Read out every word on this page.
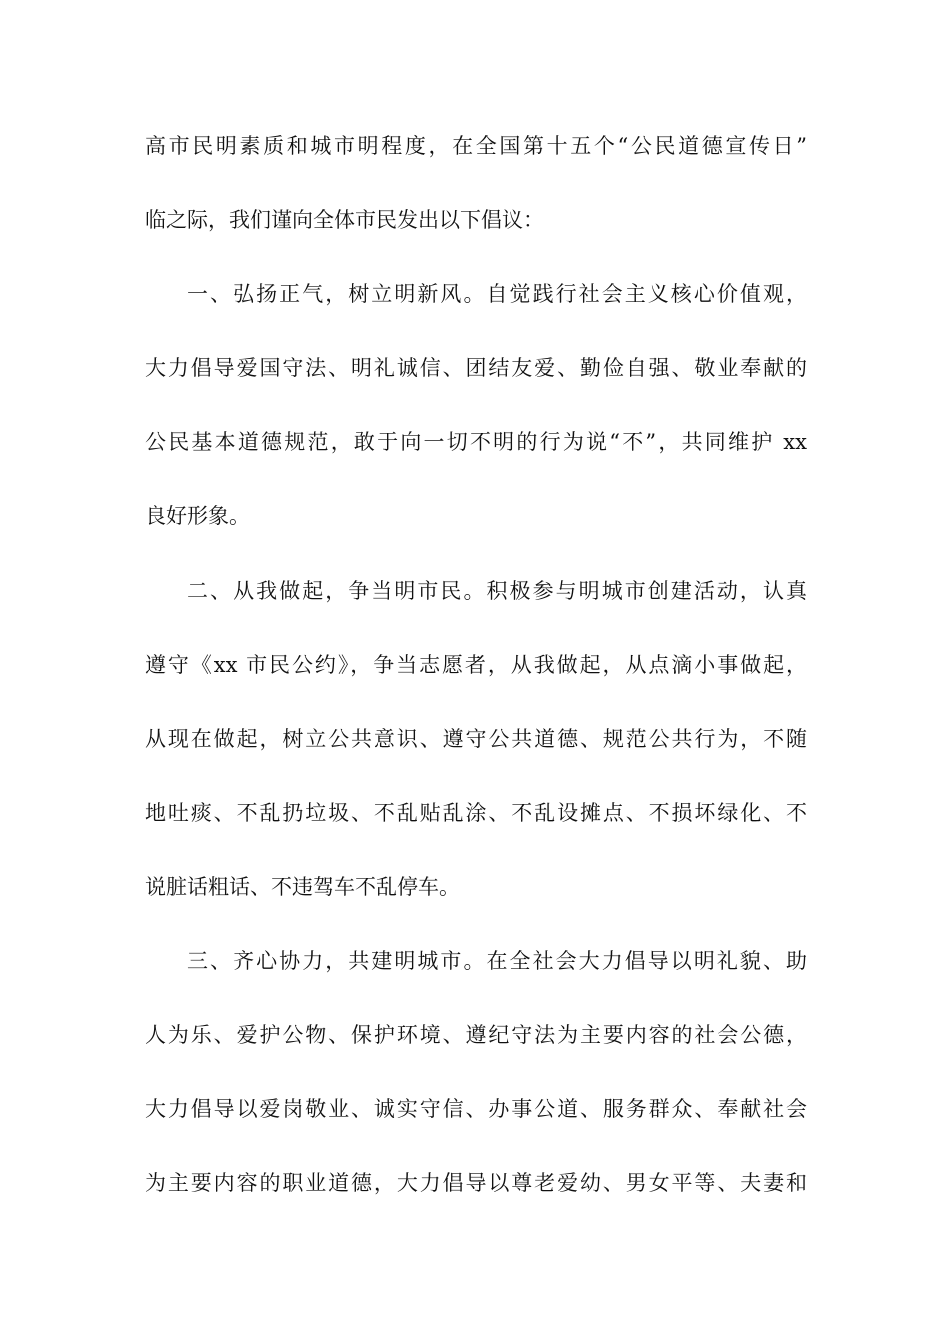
高市民明素质和城市明程度，在全国第十五个“公民道德宣传日”
临之际，我们谨向全体市民发出以下倡议：
一、弘扬正气，树立明新风。自觉践行社会主义核心价值观，
大力倡导爱国守法、明礼诚信、团结友爱、勤俭自强、敬业奉献的
公民基本道德规范，敢于向一切不明的行为说“不”，共同维护 xx
良好形象。
二、从我做起，争当明市民。积极参与明城市创建活动，认真
遵守《xx 市民公约》，争当志愿者，从我做起，从点滴小事做起，
从现在做起，树立公共意识、遵守公共道德、规范公共行为，不随
地吐痰、不乱扔垃圾、不乱贴乱涂、不乱设摊点、不损坏绿化、不
说脏话粗话、不违驾车不乱停车。
三、齐心协力，共建明城市。在全社会大力倡导以明礼貌、助
人为乐、爱护公物、保护环境、遵纪守法为主要内容的社会公德，
大力倡导以爱岗敬业、诚实守信、办事公道、服务群众、奉献社会
为主要内容的职业道德，大力倡导以尊老爱幼、男女平等、夫妻和
